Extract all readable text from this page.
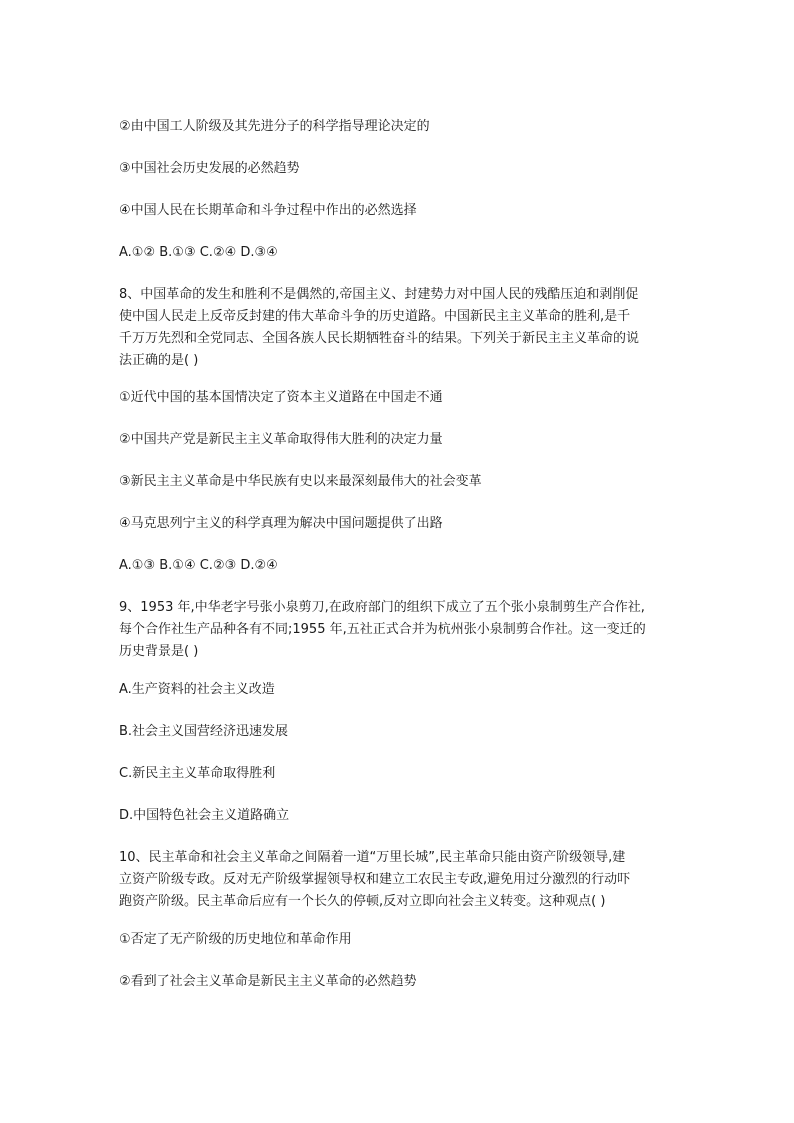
②由中国工人阶级及其先进分子的科学指导理论决定的
③中国社会历史发展的必然趋势
④中国人民在长期革命和斗争过程中作出的必然选择
A.①② B.①③ C.②④ D.③④
8、中国革命的发生和胜利不是偶然的,帝国主义、封建势力对中国人民的残酷压迫和剥削促
使中国人民走上反帝反封建的伟大革命斗争的历史道路。中国新民主主义革命的胜利,是千
千万万先烈和全党同志、全国各族人民长期牺牲奋斗的结果。下列关于新民主主义革命的说
法正确的是( )
①近代中国的基本国情决定了资本主义道路在中国走不通
②中国共产党是新民主主义革命取得伟大胜利的决定力量
③新民主主义革命是中华民族有史以来最深刻最伟大的社会变革
④马克思列宁主义的科学真理为解决中国问题提供了出路
A.①③ B.①④ C.②③ D.②④
9、1953 年,中华老字号张小泉剪刀,在政府部门的组织下成立了五个张小泉制剪生产合作社,
每个合作社生产品种各有不同;1955 年,五社正式合并为杭州张小泉制剪合作社。这一变迁的
历史背景是( )
A.生产资料的社会主义改造
B.社会主义国营经济迅速发展
C.新民主主义革命取得胜利
D.中国特色社会主义道路确立
10、民主革命和社会主义革命之间隔着一道“万里长城”,民主革命只能由资产阶级领导,建
立资产阶级专政。反对无产阶级掌握领导权和建立工农民主专政,避免用过分激烈的行动吓
跑资产阶级。民主革命后应有一个长久的停顿,反对立即向社会主义转变。这种观点( )
①否定了无产阶级的历史地位和革命作用
②看到了社会主义革命是新民主主义革命的必然趋势
